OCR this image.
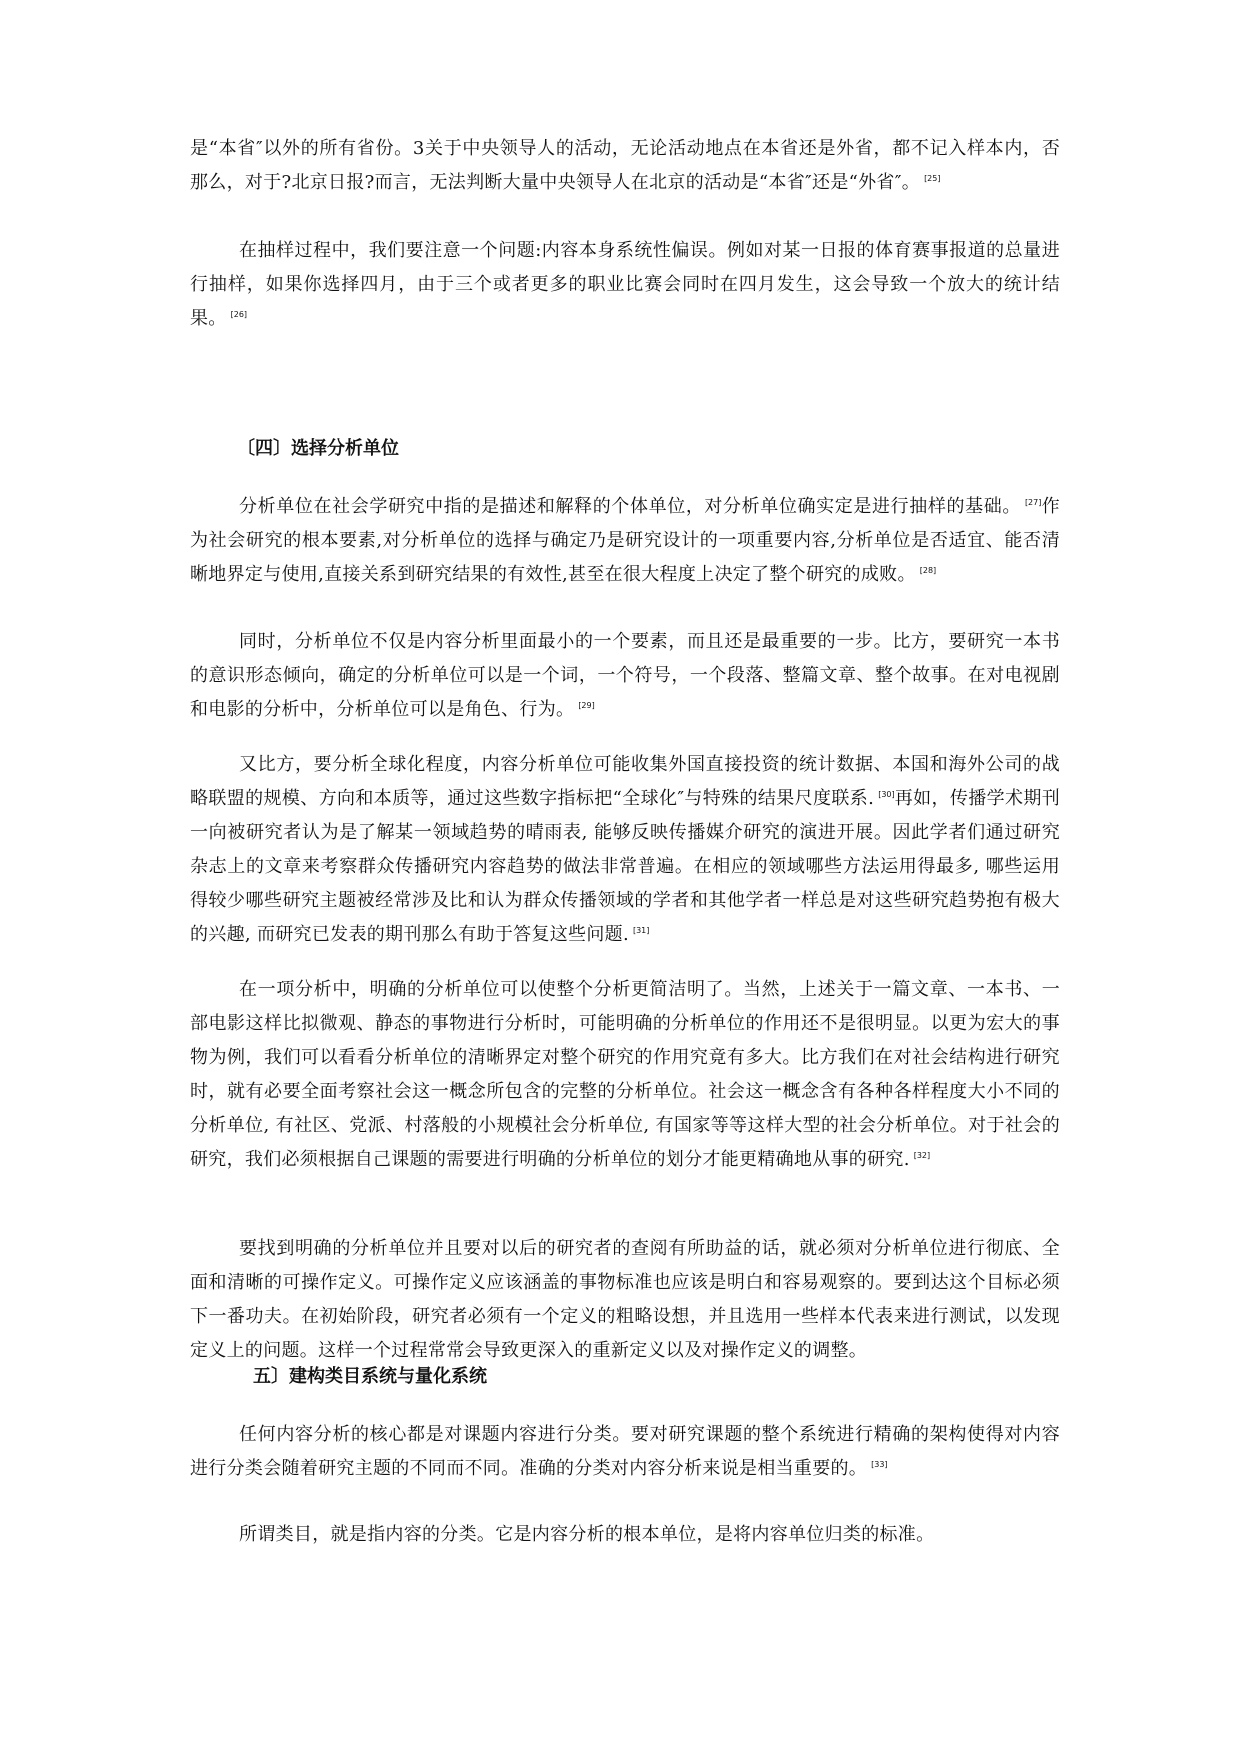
是“本省″以外的所有省份。3关于中央领导人的活动，无论活动地点在本省还是外省，都不记入样本内，否那么，对于?北京日报?而言，无法判断大量中央领导人在北京的活动是“本省″还是“外省″。 [25]

在抽样过程中，我们要注意一个问题:内容本身系统性偏误。例如对某一日报的体育赛事报道的总量进行抽样，如果你选择四月，由于三个或者更多的职业比赛会同时在四月发生，这会导致一个放大的统计结果。 [26]

〔四〕选择分析单位

分析单位在社会学研究中指的是描述和解释的个体单位，对分析单位确实定是进行抽样的基础。 [27]作为社会研究的根本要素,对分析单位的选择与确定乃是研究设计的一项重要内容,分析单位是否适宜、能否清晰地界定与使用,直接关系到研究结果的有效性,甚至在很大程度上决定了整个研究的成败。 [28]

同时，分析单位不仅是内容分析里面最小的一个要素，而且还是最重要的一步。比方，要研究一本书的意识形态倾向，确定的分析单位可以是一个词，一个符号，一个段落、整篇文章、整个故事。在对电视剧和电影的分析中，分析单位可以是角色、行为。 [29]

又比方，要分析全球化程度，内容分析单位可能收集外国直接投资的统计数据、本国和海外公司的战略联盟的规模、方向和本质等，通过这些数字指标把“全球化″与特殊的结果尺度联系. [30]再如，传播学术期刊一向被研究者认为是了解某一领域趋势的晴雨表, 能够反映传播媒介研究的演进开展。因此学者们通过研究杂志上的文章来考察群众传播研究内容趋势的做法非常普遍。在相应的领域哪些方法运用得最多, 哪些运用得较少哪些研究主题被经常涉及比和认为群众传播领域的学者和其他学者一样总是对这些研究趋势抱有极大的兴趣, 而研究已发表的期刊那么有助于答复这些问题. [31]

在一项分析中，明确的分析单位可以使整个分析更简洁明了。当然，上述关于一篇文章、一本书、一部电影这样比拟微观、静态的事物进行分析时，可能明确的分析单位的作用还不是很明显。以更为宏大的事物为例，我们可以看看分析单位的清晰界定对整个研究的作用究竟有多大。比方我们在对社会结构进行研究时，就有必要全面考察社会这一概念所包含的完整的分析单位。社会这一概念含有各种各样程度大小不同的分析单位, 有社区、党派、村落般的小规模社会分析单位, 有国家等等这样大型的社会分析单位。对于社会的研究，我们必须根据自己课题的需要进行明确的分析单位的划分才能更精确地从事的研究. [32]

要找到明确的分析单位并且要对以后的研究者的查阅有所助益的话，就必须对分析单位进行彻底、全面和清晰的可操作定义。可操作定义应该涵盖的事物标准也应该是明白和容易观察的。要到达这个目标必须下一番功夫。在初始阶段，研究者必须有一个定义的粗略设想，并且选用一些样本代表来进行测试，以发现定义上的问题。这样一个过程常常会导致更深入的重新定义以及对操作定义的调整。

五〕建构类目系统与量化系统

任何内容分析的核心都是对课题内容进行分类。要对研究课题的整个系统进行精确的架构使得对内容进行分类会随着研究主题的不同而不同。准确的分类对内容分析来说是相当重要的。 [33]

所谓类目，就是指内容的分类。它是内容分析的根本单位，是将内容单位归类的标准。
